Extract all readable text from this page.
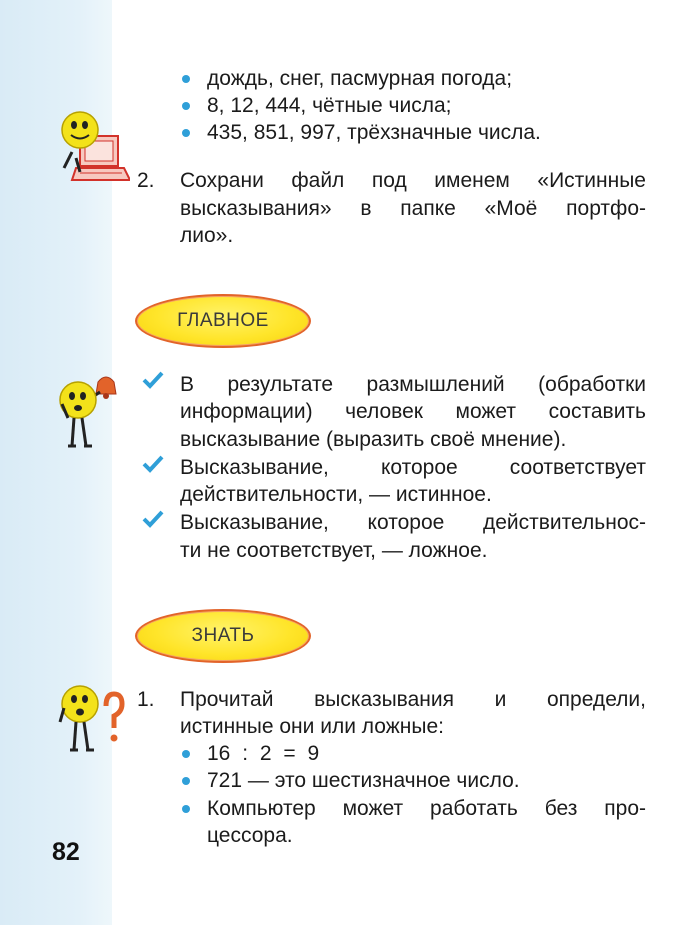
дождь, снег, пасмурная погода;
8, 12, 444, чётные числа;
435, 851, 997, трёхзначные числа.
2. Сохрани файл под именем «Истинные
высказывания» в папке «Моё портфо-
лио».
ГЛАВНОЕ
В результате размышлений (обработки
информации) человек может составить
высказывание (выразить своё мнение).
Высказывание, которое соответствует
действительности, — истинное.
Высказывание, которое действительнос-
ти не соответствует, — ложное.
ЗНАТЬ
1. Прочитай высказывания и определи,
истинные они или ложные:
16 : 2 = 9
721 — это шестизначное число.
Компьютер может работать без про-
цессора.
82
